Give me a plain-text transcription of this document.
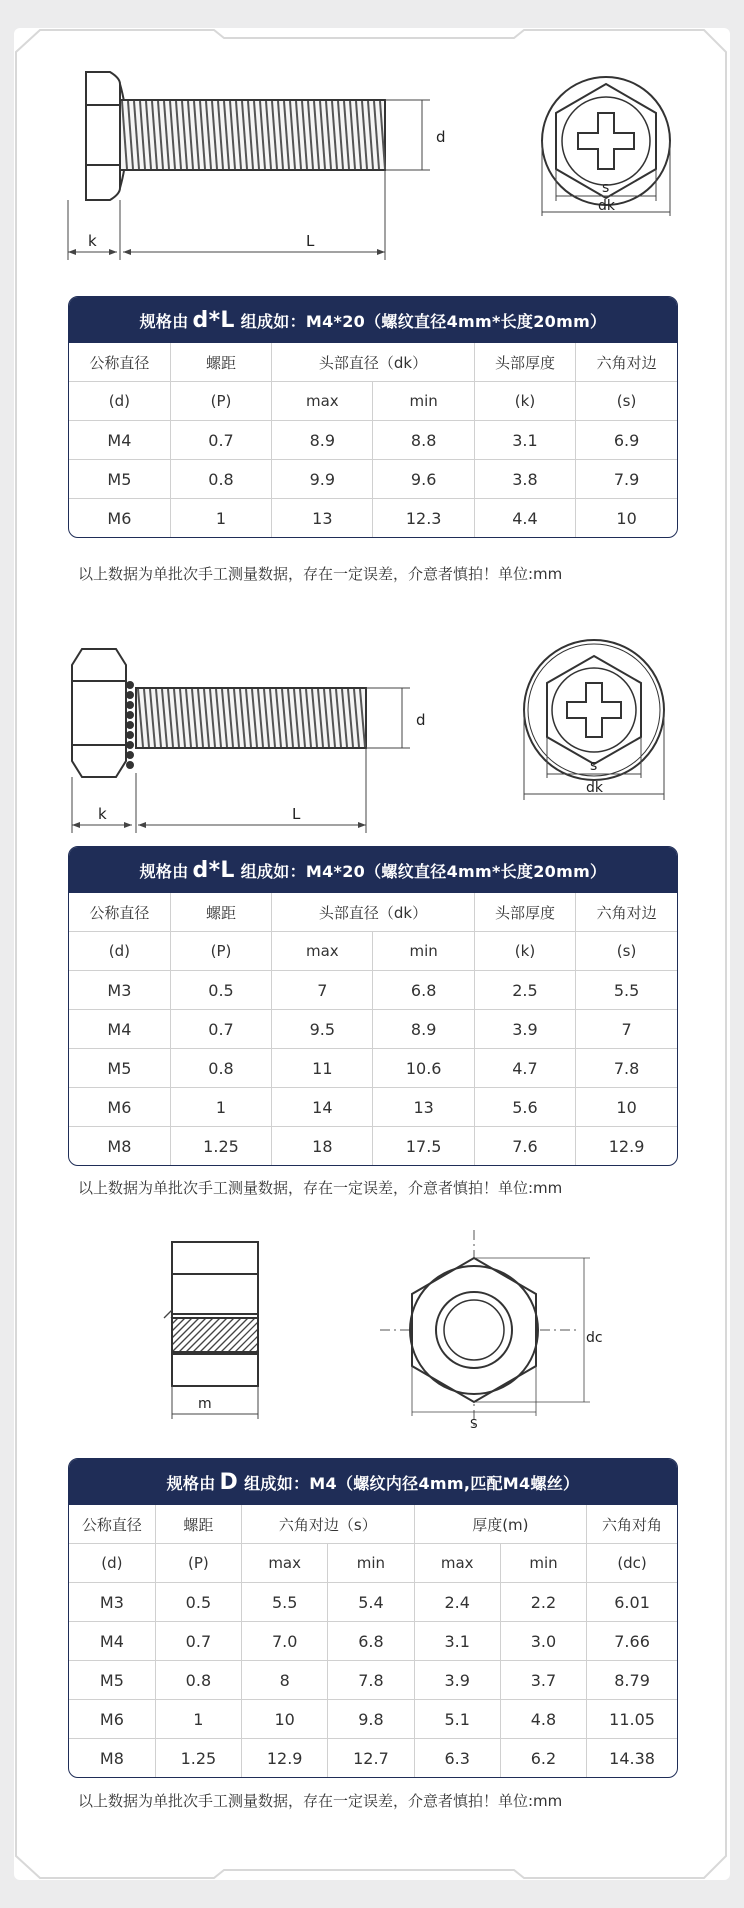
d
k	L
s
dk
规格由 d*L 组成如：M4*20（螺纹直径4mm*长度20mm）
公称直径	螺距	头部直径（dk）		头部厚度	六角对边
(d)	(P)	max	min	(k)	(s)
M4	0.7	8.9	8.8	3.1	6.9
M5	0.8	9.9	9.6	3.8	7.9
M6	1	13	12.3	4.4	10
以上数据为单批次手工测量数据，存在一定误差，介意者慎拍！单位:mm
d
k	L
s
dk
规格由 d*L 组成如：M4*20（螺纹直径4mm*长度20mm）
公称直径	螺距	头部直径（dk）		头部厚度	六角对边
(d)	(P)	max	min	(k)	(s)
M3	0.5	7	6.8	2.5	5.5
M4	0.7	9.5	8.9	3.9	7
M5	0.8	11	10.6	4.7	7.8
M6	1	14	13	5.6	10
M8	1.25	18	17.5	7.6	12.9
以上数据为单批次手工测量数据，存在一定误差，介意者慎拍！单位:mm
m
dc
S
规格由 D 组成如：M4（螺纹内径4mm,匹配M4螺丝）
公称直径	螺距	六角对边（s）		厚度(m)		六角对角
(d)	(P)	max	min	max	min	(dc)
M3	0.5	5.5	5.4	2.4	2.2	6.01
M4	0.7	7.0	6.8	3.1	3.0	7.66
M5	0.8	8	7.8	3.9	3.7	8.79
M6	1	10	9.8	5.1	4.8	11.05
M8	1.25	12.9	12.7	6.3	6.2	14.38
以上数据为单批次手工测量数据，存在一定误差，介意者慎拍！单位:mm
